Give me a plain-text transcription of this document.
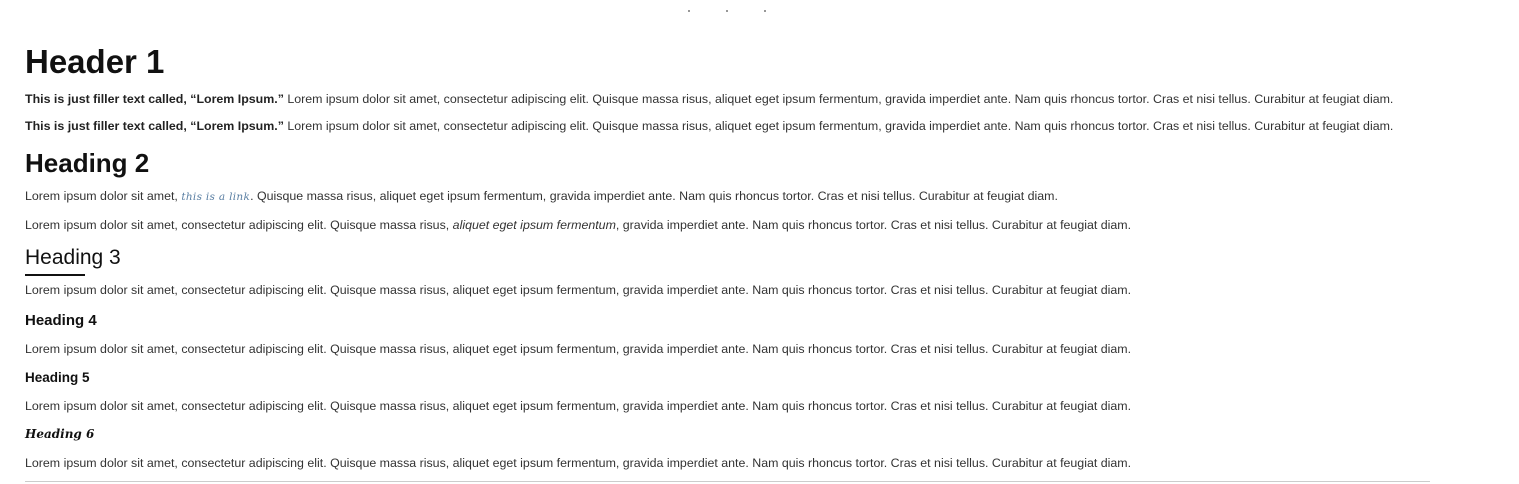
Header 1

This is just filler text called, “Lorem Ipsum.” Lorem ipsum dolor sit amet, consectetur adipiscing elit. Quisque massa risus, aliquet eget ipsum fermentum, gravida imperdiet ante. Nam quis rhoncus tortor. Cras et nisi tellus. Curabitur at feugiat diam.

This is just filler text called, “Lorem Ipsum.” Lorem ipsum dolor sit amet, consectetur adipiscing elit. Quisque massa risus, aliquet eget ipsum fermentum, gravida imperdiet ante. Nam quis rhoncus tortor. Cras et nisi tellus. Curabitur at feugiat diam.

Heading 2

Lorem ipsum dolor sit amet, this is a link. Quisque massa risus, aliquet eget ipsum fermentum, gravida imperdiet ante. Nam quis rhoncus tortor. Cras et nisi tellus. Curabitur at feugiat diam.

Lorem ipsum dolor sit amet, consectetur adipiscing elit. Quisque massa risus, aliquet eget ipsum fermentum, gravida imperdiet ante. Nam quis rhoncus tortor. Cras et nisi tellus. Curabitur at feugiat diam.

Heading 3

Lorem ipsum dolor sit amet, consectetur adipiscing elit. Quisque massa risus, aliquet eget ipsum fermentum, gravida imperdiet ante. Nam quis rhoncus tortor. Cras et nisi tellus. Curabitur at feugiat diam.

Heading 4

Lorem ipsum dolor sit amet, consectetur adipiscing elit. Quisque massa risus, aliquet eget ipsum fermentum, gravida imperdiet ante. Nam quis rhoncus tortor. Cras et nisi tellus. Curabitur at feugiat diam.

Heading 5

Lorem ipsum dolor sit amet, consectetur adipiscing elit. Quisque massa risus, aliquet eget ipsum fermentum, gravida imperdiet ante. Nam quis rhoncus tortor. Cras et nisi tellus. Curabitur at feugiat diam.

Heading 6

Lorem ipsum dolor sit amet, consectetur adipiscing elit. Quisque massa risus, aliquet eget ipsum fermentum, gravida imperdiet ante. Nam quis rhoncus tortor. Cras et nisi tellus. Curabitur at feugiat diam.
